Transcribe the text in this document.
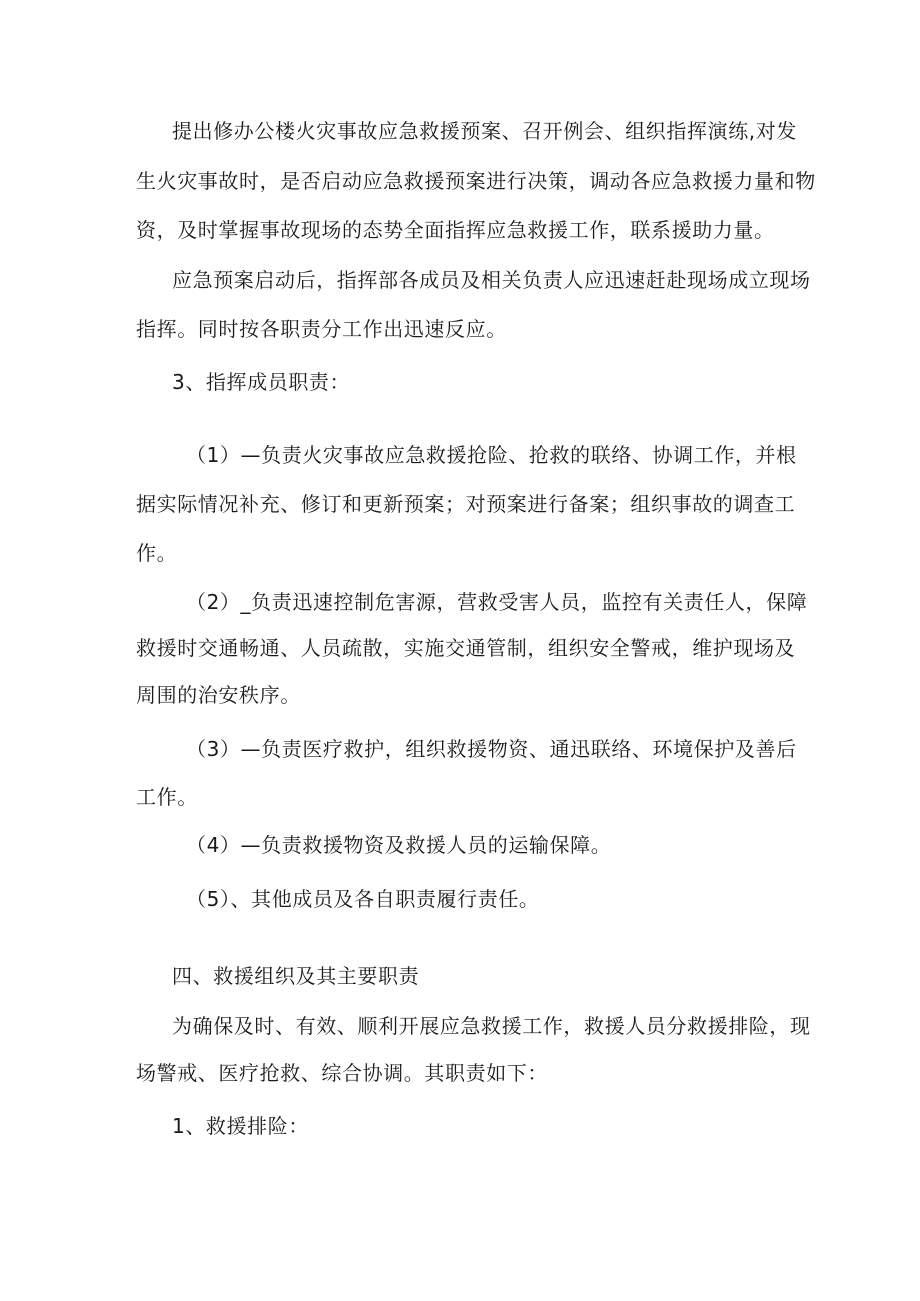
提出修办公楼火灾事故应急救援预案、召开例会、组织指挥演练,对发

生火灾事故时，是否启动应急救援预案进行决策，调动各应急救援力量和物

资，及时掌握事故现场的态势全面指挥应急救援工作，联系援助力量。

应急预案启动后，指挥部各成员及相关负责人应迅速赶赴现场成立现场

指挥。同时按各职责分工作出迅速反应。

3、指挥成员职责：

（1）—负责火灾事故应急救援抢险、抢救的联络、协调工作，并根

据实际情况补充、修订和更新预案；对预案进行备案；组织事故的调查工

作。

（2）_负责迅速控制危害源，营救受害人员，监控有关责任人，保障

救援时交通畅通、人员疏散，实施交通管制，组织安全警戒，维护现场及

周围的治安秩序。

（3）—负责医疗救护，组织救援物资、通迅联络、环境保护及善后

工作。

（4）—负责救援物资及救援人员的运输保障。

（5）、其他成员及各自职责履行责任。

四、救援组织及其主要职责

为确保及时、有效、顺利开展应急救援工作，救援人员分救援排险，现

场警戒、医疗抢救、综合协调。其职责如下：

1、救援排险：
